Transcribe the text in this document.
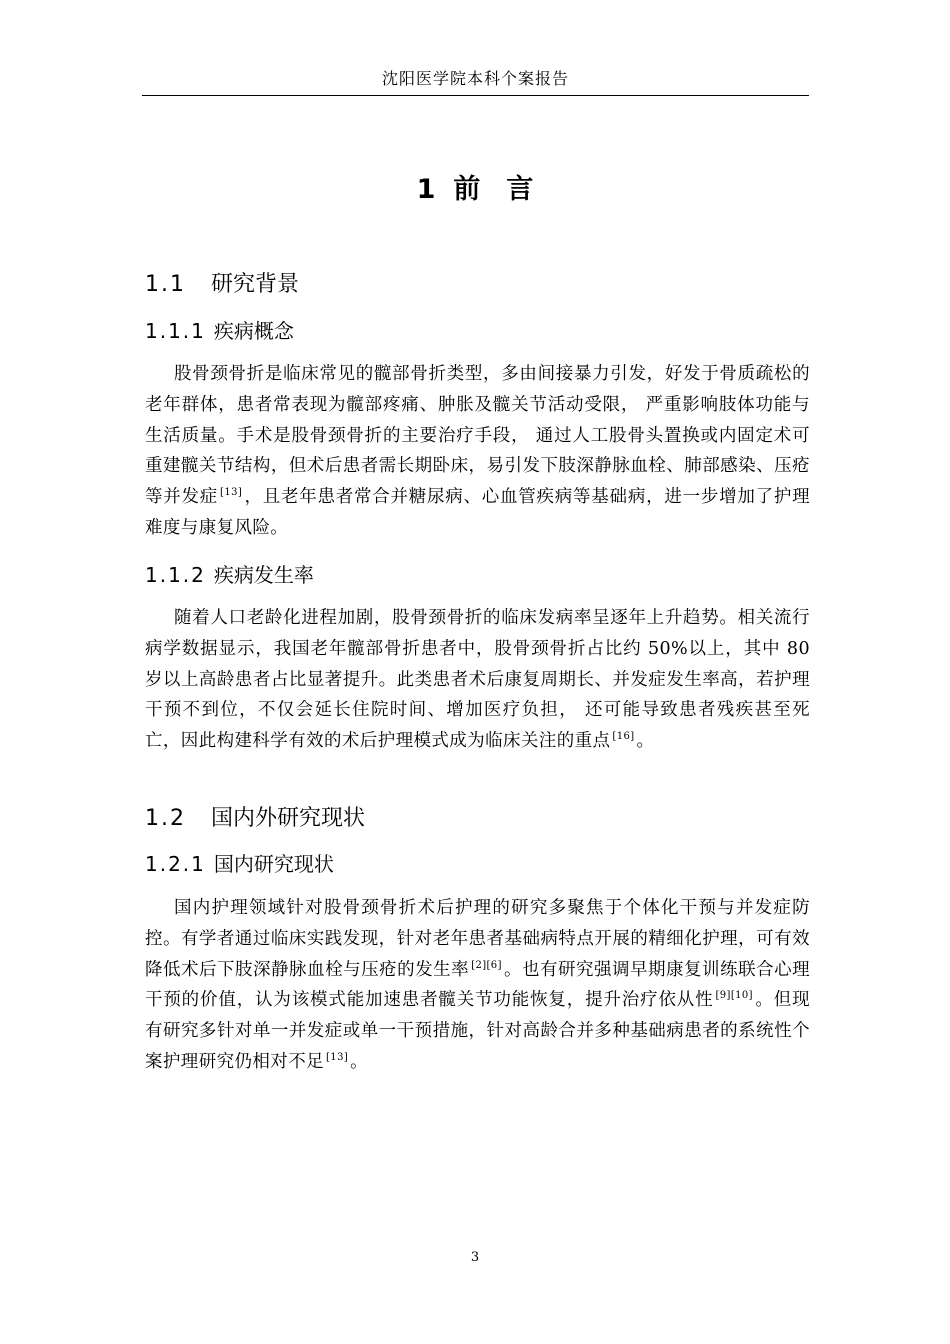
沈阳医学院本科个案报告
1 前 言
1.1 研究背景
1.1.1 疾病概念
股骨颈骨折是临床常见的髋部骨折类型，多由间接暴力引发，好发于骨质疏松的老年群体，患者常表现为髋部疼痛、肿胀及髋关节活动受限， 严重影响肢体功能与生活质量。手术是股骨颈骨折的主要治疗手段， 通过人工股骨头置换或内固定术可重建髋关节结构，但术后患者需长期卧床，易引发下肢深静脉血栓、肺部感染、压疮等并发症 [13] ，且老年患者常合并糖尿病、心血管疾病等基础病，进一步增加了护理难度与康复风险。
1.1.2 疾病发生率
随着人口老龄化进程加剧，股骨颈骨折的临床发病率呈逐年上升趋势。相关流行病学数据显示，我国老年髋部骨折患者中，股骨颈骨折占比约 50%以上，其中 80 岁以上高龄患者占比显著提升。此类患者术后康复周期长、并发症发生率高，若护理干预不到位，不仅会延长住院时间、增加医疗负担， 还可能导致患者残疾甚至死亡，因此构建科学有效的术后护理模式成为临床关注的重点 [16] 。
1.2 国内外研究现状
1.2.1 国内研究现状
国内护理领域针对股骨颈骨折术后护理的研究多聚焦于个体化干预与并发症防控。有学者通过临床实践发现，针对老年患者基础病特点开展的精细化护理，可有效降低术后下肢深静脉血栓与压疮的发生率 [2][6] 。也有研究强调早期康复训练联合心理干预的价值，认为该模式能加速患者髋关节功能恢复，提升治疗依从性 [9][10] 。但现有研究多针对单一并发症或单一干预措施，针对高龄合并多种基础病患者的系统性个案护理研究仍相对不足 [13] 。
3
